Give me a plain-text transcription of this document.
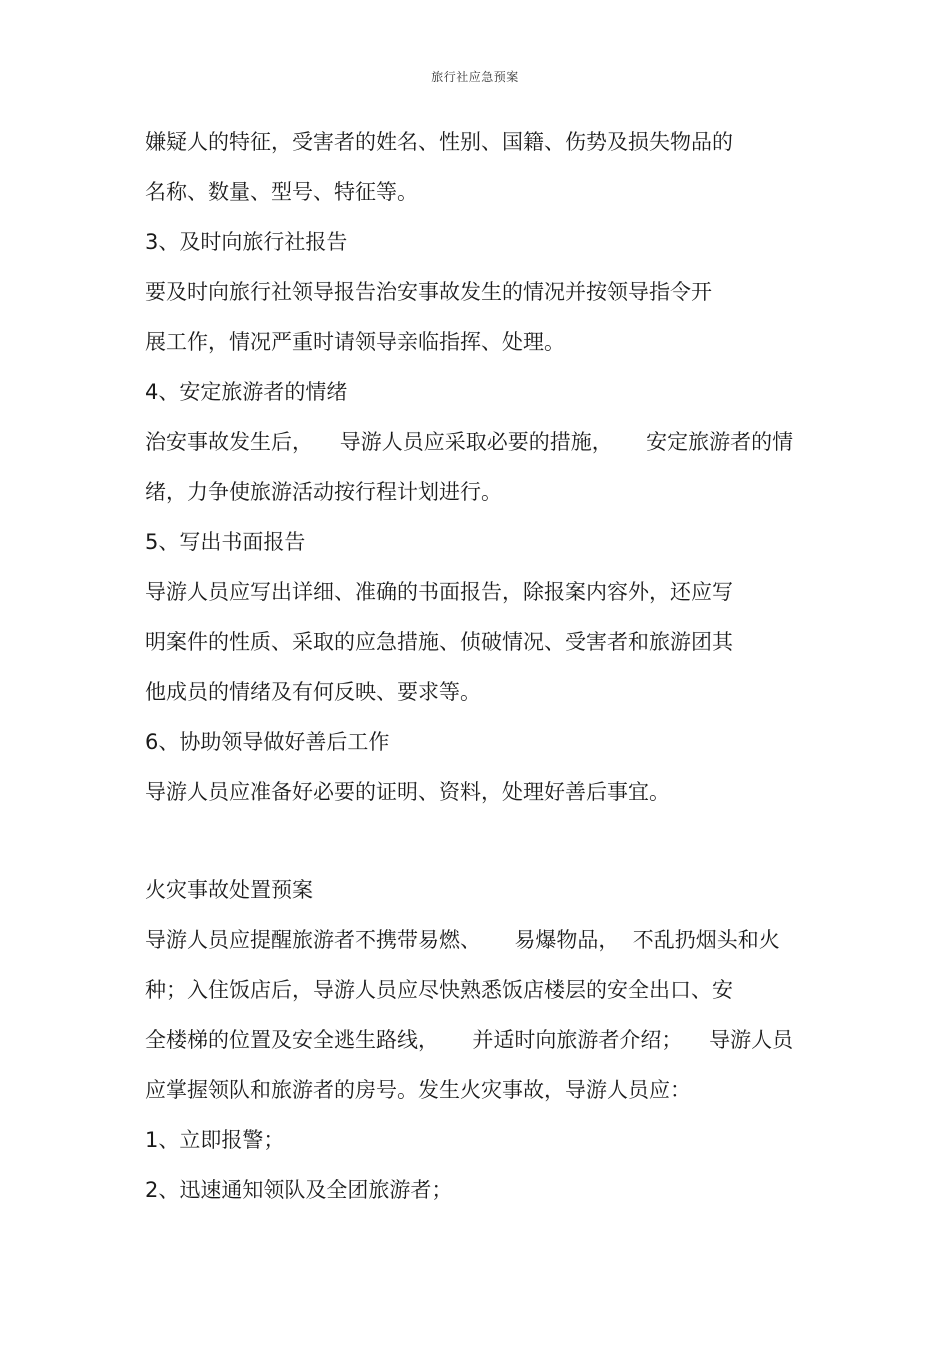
旅行社应急预案
嫌疑人的特征，受害者的姓名、性别、国籍、伤势及损失物品的
名称、数量、型号、特征等。
3、及时向旅行社报告
要及时向旅行社领导报告治安事故发生的情况并按领导指令开
展工作，情况严重时请领导亲临指挥、处理。
4、安定旅游者的情绪
治安事故发生后，    导游人员应采取必要的措施，     安定旅游者的情
绪，力争使旅游活动按行程计划进行。
5、写出书面报告
导游人员应写出详细、准确的书面报告，除报案内容外，还应写
明案件的性质、采取的应急措施、侦破情况、受害者和旅游团其
他成员的情绪及有何反映、要求等。
6、协助领导做好善后工作
导游人员应准备好必要的证明、资料，处理好善后事宜。
火灾事故处置预案
导游人员应提醒旅游者不携带易燃、     易爆物品，  不乱扔烟头和火
种；入住饭店后，导游人员应尽快熟悉饭店楼层的安全出口、安
全楼梯的位置及安全逃生路线，     并适时向旅游者介绍；    导游人员
应掌握领队和旅游者的房号。发生火灾事故，导游人员应：
1、立即报警；
2、迅速通知领队及全团旅游者；
